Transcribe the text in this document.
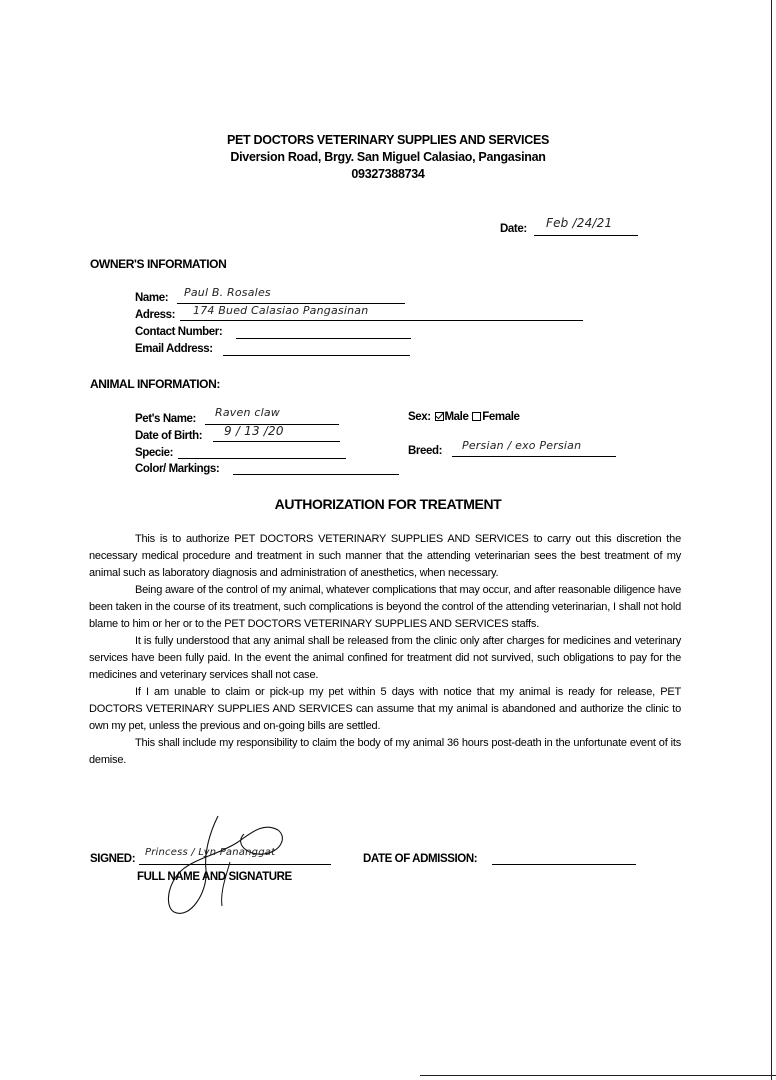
PET DOCTORS VETERINARY SUPPLIES AND SERVICES
Diversion Road, Brgy. San Miguel Calasiao, Pangasinan
09327388734
Date: Feb /24/21
OWNER'S INFORMATION
Name: Paul B. Rosales
Adress: 174 Bued Calasiao Pangasinan
Contact Number:
Email Address:
ANIMAL INFORMATION:
Pet's Name: Raven claw
Date of Birth: 9 / 13 /20
Specie:
Color/ Markings:
Sex: Male Female
Breed: Persian / exo Persian
AUTHORIZATION FOR TREATMENT

This is to authorize PET DOCTORS VETERINARY SUPPLIES AND SERVICES to carry out this discretion the necessary medical procedure and treatment in such manner that the attending veterinarian sees the best treatment of my animal such as laboratory diagnosis and administration of anesthetics, when necessary.

Being aware of the control of my animal, whatever complications that may occur, and after reasonable diligence have been taken in the course of its treatment, such complications is beyond the control of the attending veterinarian, I shall not hold blame to him or her or to the PET DOCTORS VETERINARY SUPPLIES AND SERVICES staffs.

It is fully understood that any animal shall be released from the clinic only after charges for medicines and veterinary services have been fully paid. In the event the animal confined for treatment did not survived, such obligations to pay for the medicines and veterinary services shall not case.

If I am unable to claim or pick-up my pet within 5 days with notice that my animal is ready for release, PET DOCTORS VETERINARY SUPPLIES AND SERVICES can assume that my animal is abandoned and authorize the clinic to own my pet, unless the previous and on-going bills are settled.

This shall include my responsibility to claim the body of my animal 36 hours post-death in the unfortunate event of its demise.

SIGNED:
Princess / Lyn Pananggat
FULL NAME AND SIGNATURE
DATE OF ADMISSION:
